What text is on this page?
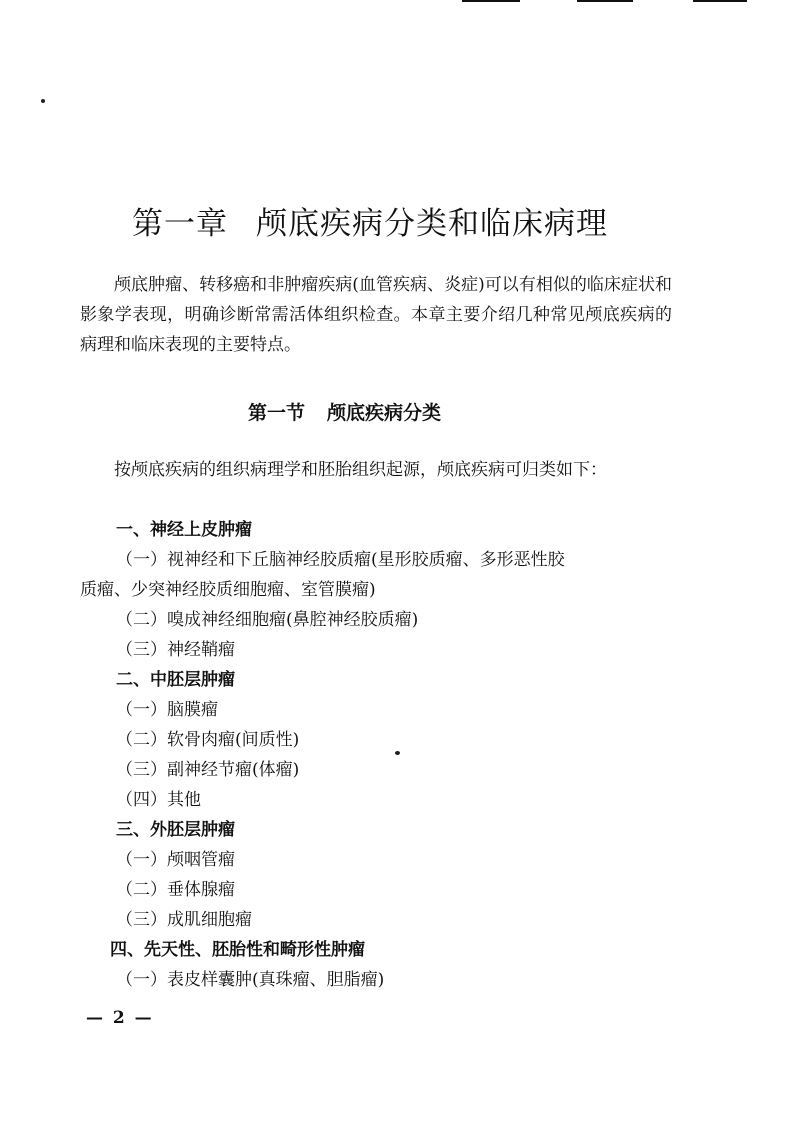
第一章 颅底疾病分类和临床病理

颅底肿瘤、转移癌和非肿瘤疾病(血管疾病、炎症)可以有相似的临床症状和影象学表现，明确诊断常需活体组织检查。本章主要介绍几种常见颅底疾病的病理和临床表现的主要特点。

第一节 颅底疾病分类

按颅底疾病的组织病理学和胚胎组织起源，颅底疾病可归类如下：

一、神经上皮肿瘤
（一）视神经和下丘脑神经胶质瘤(星形胶质瘤、多形恶性胶
质瘤、少突神经胶质细胞瘤、室管膜瘤)
（二）嗅成神经细胞瘤(鼻腔神经胶质瘤)
（三）神经鞘瘤
二、中胚层肿瘤
（一）脑膜瘤
（二）软骨肉瘤(间质性)
（三）副神经节瘤(体瘤)
（四）其他
三、外胚层肿瘤
（一）颅咽管瘤
（二）垂体腺瘤
（三）成肌细胞瘤
四、先天性、胚胎性和畸形性肿瘤
（一）表皮样囊肿(真珠瘤、胆脂瘤)
— 2 —
